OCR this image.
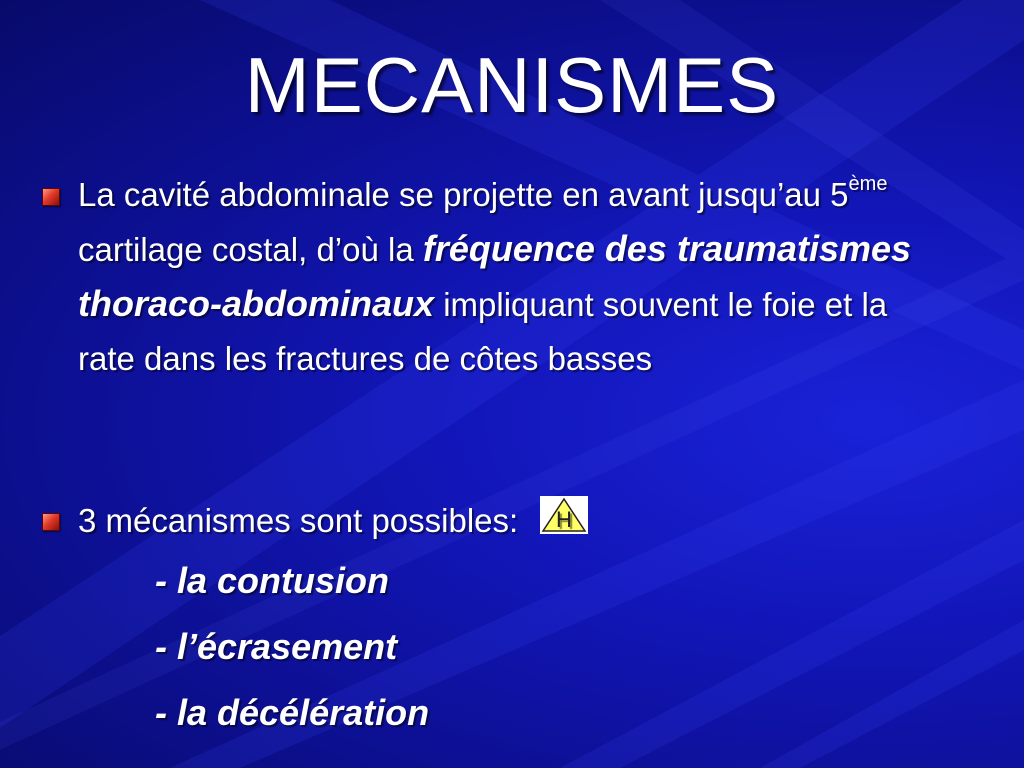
MECANISMES
La cavité abdominale se projette en avant jusqu’au 5ème cartilage costal, d’où la fréquence des traumatismes thoraco-abdominaux impliquant souvent le foie et la rate dans les fractures de côtes basses
3 mécanismes sont possibles: H
- la contusion
- l’écrasement
- la décélération
